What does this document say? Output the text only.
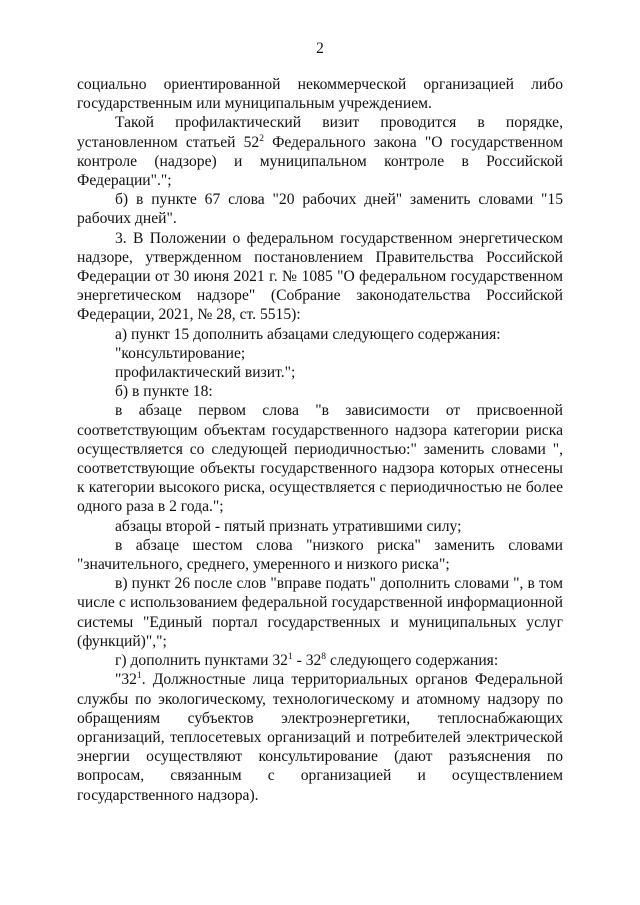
2

социально ориентированной некоммерческой организацией либо государственным или муниципальным учреждением.

Такой профилактический визит проводится в порядке, установленном статьей $52^2$ Федерального закона "О государственном контроле (надзоре) и муниципальном контроле в Российской Федерации".";

б) в пункте 67 слова "20 рабочих дней" заменить словами "15 рабочих дней".

3. В Положении о федеральном государственном энергетическом надзоре, утвержденном постановлением Правительства Российской Федерации от 30 июня 2021 г. № 1085 "О федеральном государственном энергетическом надзоре" (Собрание законодательства Российской Федерации, 2021, № 28, ст. 5515):

а) пункт 15 дополнить абзацами следующего содержания:

"консультирование;

профилактический визит.";

б) в пункте 18:

в абзаце первом слова "в зависимости от присвоенной соответствующим объектам государственного надзора категории риска осуществляется со следующей периодичностью:" заменить словами ", соответствующие объекты государственного надзора которых отнесены к категории высокого риска, осуществляется с периодичностью не более одного раза в 2 года.";

абзацы второй - пятый признать утратившими силу;

в абзаце шестом слова "низкого риска" заменить словами "значительного, среднего, умеренного и низкого риска";

в) пункт 26 после слов "вправе подать" дополнить словами ", в том числе с использованием федеральной государственной информационной системы "Единый портал государственных и муниципальных услуг (функций)",";

г) дополнить пунктами $32^1 - 32^8$ следующего содержания:

"$32^1$. Должностные лица территориальных органов Федеральной службы по экологическому, технологическому и атомному надзору по обращениям субъектов электроэнергетики, теплоснабжающих организаций, теплосетевых организаций и потребителей электрической энергии осуществляют консультирование (дают разъяснения по вопросам, связанным с организацией и осуществлением государственного надзора).
